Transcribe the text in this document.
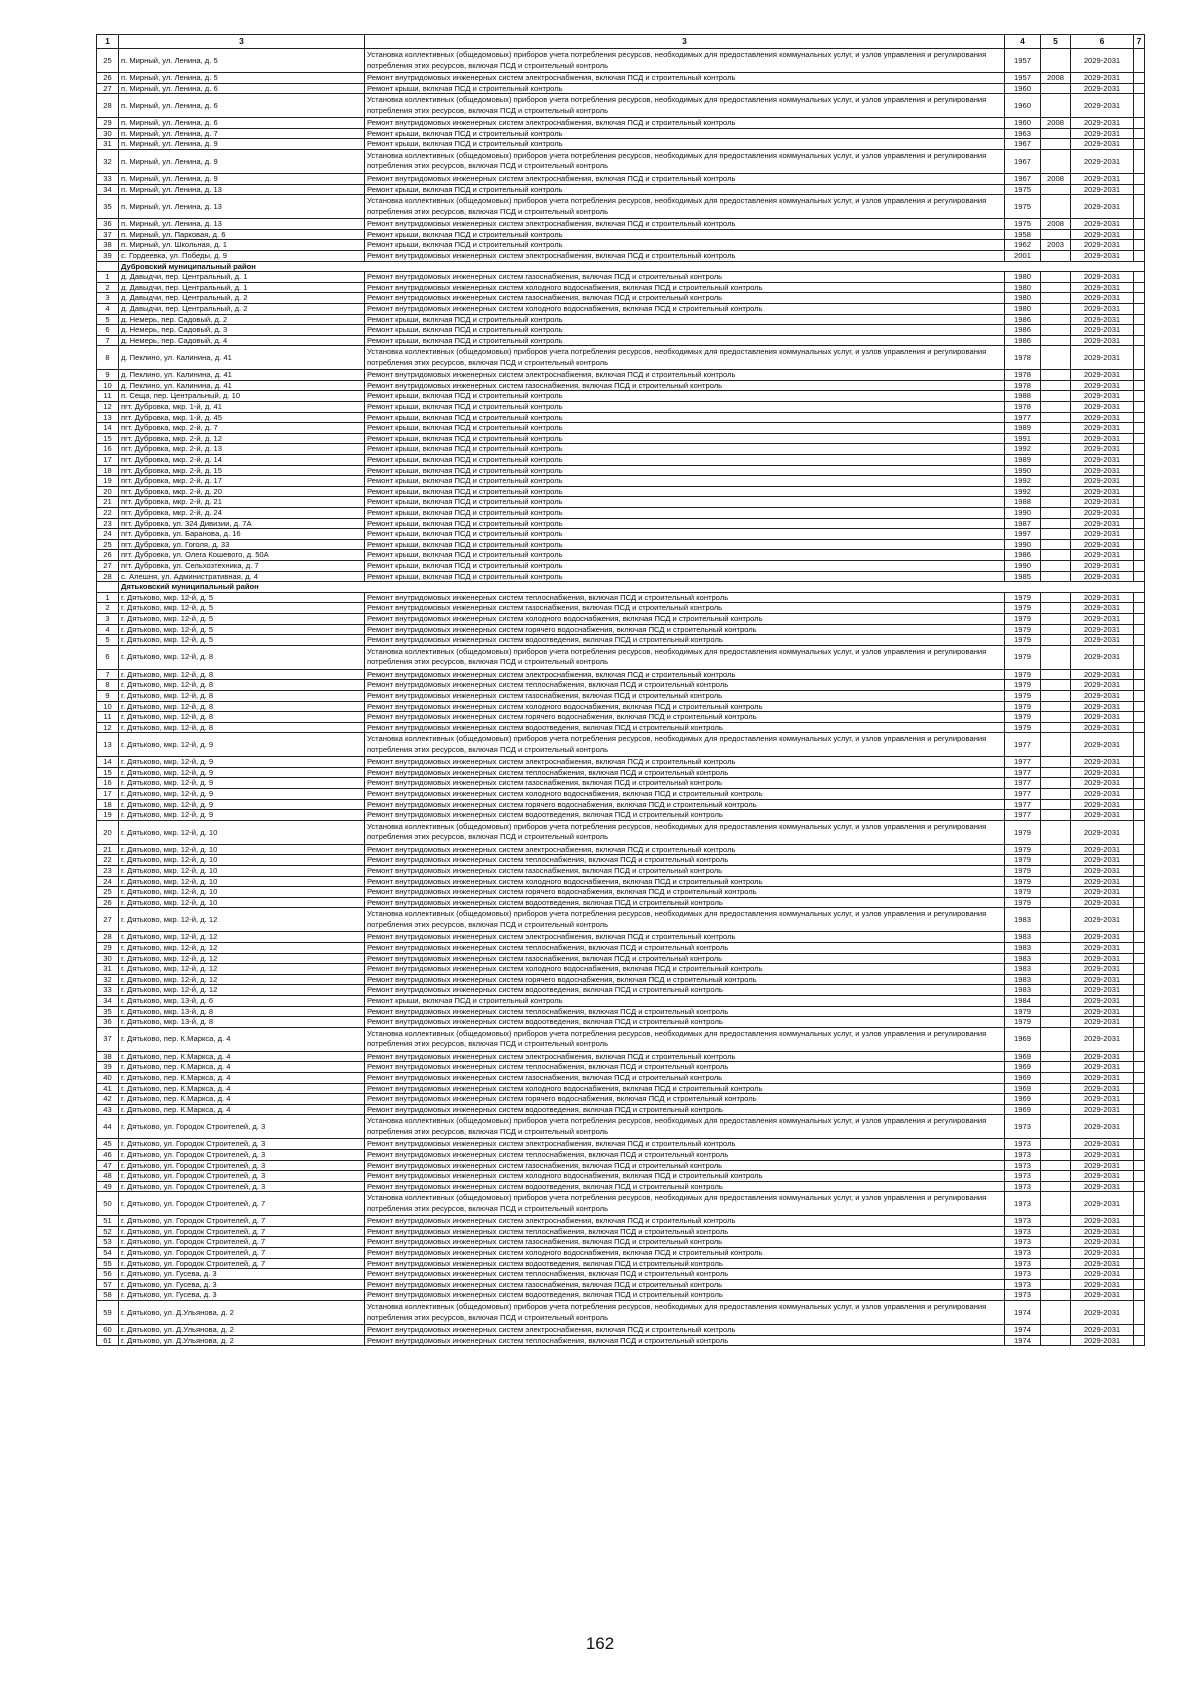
1	3	3	4	5	6	7
25	п. Мирный, ул. Ленина, д. 5	Установка коллективных (общедомовых) приборов учета потребления ресурсов, необходимых для предоставления коммунальных услуг, и узлов управления и регулирования потребления этих ресурсов, включая ПСД и строительный контроль	1957		2029-2031	
26	п. Мирный, ул. Ленина, д. 5	Ремонт внутридомовых инженерных систем электроснабжения, включая ПСД и строительный контроль	1957	2008	2029-2031	
27	п. Мирный, ул. Ленина, д. 6	Ремонт крыши, включая ПСД и строительный контроль	1960		2029-2031	
28	п. Мирный, ул. Ленина, д. 6	Установка коллективных (общедомовых) приборов учета потребления ресурсов, необходимых для предоставления коммунальных услуг, и узлов управления и регулирования потребления этих ресурсов, включая ПСД и строительный контроль	1960		2029-2031	
29	п. Мирный, ул. Ленина, д. 6	Ремонт внутридомовых инженерных систем электроснабжения, включая ПСД и строительный контроль	1960	2008	2029-2031	
30	п. Мирный, ул. Ленина, д. 7	Ремонт крыши, включая ПСД и строительный контроль	1963		2029-2031	
31	п. Мирный, ул. Ленина, д. 9	Ремонт крыши, включая ПСД и строительный контроль	1967		2029-2031	
32	п. Мирный, ул. Ленина, д. 9	Установка коллективных (общедомовых) приборов учета потребления ресурсов, необходимых для предоставления коммунальных услуг, и узлов управления и регулирования потребления этих ресурсов, включая ПСД и строительный контроль	1967		2029-2031	
33	п. Мирный, ул. Ленина, д. 9	Ремонт внутридомовых инженерных систем электроснабжения, включая ПСД и строительный контроль	1967	2008	2029-2031	
34	п. Мирный, ул. Ленина, д. 13	Ремонт крыши, включая ПСД и строительный контроль	1975		2029-2031	
35	п. Мирный, ул. Ленина, д. 13	Установка коллективных (общедомовых) приборов учета потребления ресурсов, необходимых для предоставления коммунальных услуг, и узлов управления и регулирования потребления этих ресурсов, включая ПСД и строительный контроль	1975		2029-2031	
36	п. Мирный, ул. Ленина, д. 13	Ремонт внутридомовых инженерных систем электроснабжения, включая ПСД и строительный контроль	1975	2008	2029-2031	
37	п. Мирный, ул. Парковая, д. 6	Ремонт крыши, включая ПСД и строительный контроль	1958		2029-2031	
38	п. Мирный, ул. Школьная, д. 1	Ремонт крыши, включая ПСД и строительный контроль	1962	2003	2029-2031	
39	с. Гордеевка, ул. Победы, д. 9	Ремонт внутридомовых инженерных систем электроснабжения, включая ПСД и строительный контроль	2001		2029-2031	
	Дубровский муниципальный район					
1	д. Давыдчи, пер. Центральный, д. 1	Ремонт внутридомовых инженерных систем газоснабжения, включая ПСД и строительный контроль	1980		2029-2031	
2	д. Давыдчи, пер. Центральный, д. 1	Ремонт внутридомовых инженерных систем холодного водоснабжения, включая ПСД и строительный контроль	1980		2029-2031	
3	д. Давыдчи, пер. Центральный, д. 2	Ремонт внутридомовых инженерных систем газоснабжения, включая ПСД и строительный контроль	1980		2029-2031	
4	д. Давыдчи, пер. Центральный, д. 2	Ремонт внутридомовых инженерных систем холодного водоснабжения, включая ПСД и строительный контроль	1980		2029-2031	
5	д. Немерь, пер. Садовый, д. 2	Ремонт крыши, включая ПСД и строительный контроль	1986		2029-2031	
6	д. Немерь, пер. Садовый, д. 3	Ремонт крыши, включая ПСД и строительный контроль	1986		2029-2031	
7	д. Немерь, пер. Садовый, д. 4	Ремонт крыши, включая ПСД и строительный контроль	1986		2029-2031	
8	д. Пеклино, ул. Калинина, д. 41	Установка коллективных (общедомовых) приборов учета потребления ресурсов, необходимых для предоставления коммунальных услуг, и узлов управления и регулирования потребления этих ресурсов, включая ПСД и строительный контроль	1978		2029-2031	
9	д. Пеклино, ул. Калинина, д. 41	Ремонт внутридомовых инженерных систем электроснабжения, включая ПСД и строительный контроль	1978		2029-2031	
10	д. Пеклино, ул. Калинина, д. 41	Ремонт внутридомовых инженерных систем газоснабжения, включая ПСД и строительный контроль	1978		2029-2031	
11	п. Сеща, пер. Центральный, д. 10	Ремонт крыши, включая ПСД и строительный контроль	1988		2029-2031	
12	пгт. Дубровка, мкр. 1-й, д. 41	Ремонт крыши, включая ПСД и строительный контроль	1978		2029-2031	
13	пгт. Дубровка, мкр. 1-й, д. 45	Ремонт крыши, включая ПСД и строительный контроль	1977		2029-2031	
14	пгт. Дубровка, мкр. 2-й, д. 7	Ремонт крыши, включая ПСД и строительный контроль	1989		2029-2031	
15	пгт. Дубровка, мкр. 2-й, д. 12	Ремонт крыши, включая ПСД и строительный контроль	1991		2029-2031	
16	пгт. Дубровка, мкр. 2-й, д. 13	Ремонт крыши, включая ПСД и строительный контроль	1992		2029-2031	
17	пгт. Дубровка, мкр. 2-й, д. 14	Ремонт крыши, включая ПСД и строительный контроль	1989		2029-2031	
18	пгт. Дубровка, мкр. 2-й, д. 15	Ремонт крыши, включая ПСД и строительный контроль	1990		2029-2031	
19	пгт. Дубровка, мкр. 2-й, д. 17	Ремонт крыши, включая ПСД и строительный контроль	1992		2029-2031	
20	пгт. Дубровка, мкр. 2-й, д. 20	Ремонт крыши, включая ПСД и строительный контроль	1992		2029-2031	
21	пгт. Дубровка, мкр. 2-й, д. 21	Ремонт крыши, включая ПСД и строительный контроль	1988		2029-2031	
22	пгт. Дубровка, мкр. 2-й, д. 24	Ремонт крыши, включая ПСД и строительный контроль	1990		2029-2031	
23	пгт. Дубровка, ул. 324 Дивизии, д. 7А	Ремонт крыши, включая ПСД и строительный контроль	1987		2029-2031	
24	пгт. Дубровка, ул. Барановa, д. 16	Ремонт крыши, включая ПСД и строительный контроль	1997		2029-2031	
25	пгт. Дубровка, ул. Гоголя, д. 33	Ремонт крыши, включая ПСД и строительный контроль	1990		2029-2031	
26	пгт. Дубровка, ул. Олега Кошевого, д. 50А	Ремонт крыши, включая ПСД и строительный контроль	1986		2029-2031	
27	пгт. Дубровка, ул. Сельхозтехника, д. 7	Ремонт крыши, включая ПСД и строительный контроль	1990		2029-2031	
28	с. Алешня, ул. Административная, д. 4	Ремонт крыши, включая ПСД и строительный контроль	1985		2029-2031	
	Дятьковский муниципальный район					
1	г. Дятьково, мкр. 12-й, д. 5	Ремонт внутридомовых инженерных систем теплоснабжения, включая ПСД и строительный контроль	1979		2029-2031	
2	г. Дятьково, мкр. 12-й, д. 5	Ремонт внутридомовых инженерных систем газоснабжения, включая ПСД и строительный контроль	1979		2029-2031	
3	г. Дятьково, мкр. 12-й, д. 5	Ремонт внутридомовых инженерных систем холодного водоснабжения, включая ПСД и строительный контроль	1979		2029-2031	
4	г. Дятьково, мкр. 12-й, д. 5	Ремонт внутридомовых инженерных систем горячего водоснабжения, включая ПСД и строительный контроль	1979		2029-2031	
5	г. Дятьково, мкр. 12-й, д. 5	Ремонт внутридомовых инженерных систем водоотведения, включая ПСД и строительный контроль	1979		2029-2031	
6	г. Дятьково, мкр. 12-й, д. 8	Установка коллективных (общедомовых) приборов учета потребления ресурсов, необходимых для предоставления коммунальных услуг, и узлов управления и регулирования потребления этих ресурсов, включая ПСД и строительный контроль	1979		2029-2031	
7	г. Дятьково, мкр. 12-й, д. 8	Ремонт внутридомовых инженерных систем электроснабжения, включая ПСД и строительный контроль	1979		2029-2031	
8	г. Дятьково, мкр. 12-й, д. 8	Ремонт внутридомовых инженерных систем теплоснабжения, включая ПСД и строительный контроль	1979		2029-2031	
9	г. Дятьково, мкр. 12-й, д. 8	Ремонт внутридомовых инженерных систем газоснабжения, включая ПСД и строительный контроль	1979		2029-2031	
10	г. Дятьково, мкр. 12-й, д. 8	Ремонт внутридомовых инженерных систем холодного водоснабжения, включая ПСД и строительный контроль	1979		2029-2031	
11	г. Дятьково, мкр. 12-й, д. 8	Ремонт внутридомовых инженерных систем горячего водоснабжения, включая ПСД и строительный контроль	1979		2029-2031	
12	г. Дятьково, мкр. 12-й, д. 8	Ремонт внутридомовых инженерных систем водоотведения, включая ПСД и строительный контроль	1979		2029-2031	
13	г. Дятьково, мкр. 12-й, д. 9	Установка коллективных (общедомовых) приборов учета потребления ресурсов, необходимых для предоставления коммунальных услуг, и узлов управления и регулирования потребления этих ресурсов, включая ПСД и строительный контроль	1977		2029-2031	
14	г. Дятьково, мкр. 12-й, д. 9	Ремонт внутридомовых инженерных систем электроснабжения, включая ПСД и строительный контроль	1977		2029-2031	
15	г. Дятьково, мкр. 12-й, д. 9	Ремонт внутридомовых инженерных систем теплоснабжения, включая ПСД и строительный контроль	1977		2029-2031	
16	г. Дятьково, мкр. 12-й, д. 9	Ремонт внутридомовых инженерных систем газоснабжения, включая ПСД и строительный контроль	1977		2029-2031	
17	г. Дятьково, мкр. 12-й, д. 9	Ремонт внутридомовых инженерных систем холодного водоснабжения, включая ПСД и строительный контроль	1977		2029-2031	
18	г. Дятьково, мкр. 12-й, д. 9	Ремонт внутридомовых инженерных систем горячего водоснабжения, включая ПСД и строительный контроль	1977		2029-2031	
19	г. Дятьково, мкр. 12-й, д. 9	Ремонт внутридомовых инженерных систем водоотведения, включая ПСД и строительный контроль	1977		2029-2031	
20	г. Дятьково, мкр. 12-й, д. 10	Установка коллективных (общедомовых) приборов учета потребления ресурсов, необходимых для предоставления коммунальных услуг, и узлов управления и регулирования потребления этих ресурсов, включая ПСД и строительный контроль	1979		2029-2031	
21	г. Дятьково, мкр. 12-й, д. 10	Ремонт внутридомовых инженерных систем электроснабжения, включая ПСД и строительный контроль	1979		2029-2031	
22	г. Дятьково, мкр. 12-й, д. 10	Ремонт внутридомовых инженерных систем теплоснабжения, включая ПСД и строительный контроль	1979		2029-2031	
23	г. Дятьково, мкр. 12-й, д. 10	Ремонт внутридомовых инженерных систем газоснабжения, включая ПСД и строительный контроль	1979		2029-2031	
24	г. Дятьково, мкр. 12-й, д. 10	Ремонт внутридомовых инженерных систем холодного водоснабжения, включая ПСД и строительный контроль	1979		2029-2031	
25	г. Дятьково, мкр. 12-й, д. 10	Ремонт внутридомовых инженерных систем горячего водоснабжения, включая ПСД и строительный контроль	1979		2029-2031	
26	г. Дятьково, мкр. 12-й, д. 10	Ремонт внутридомовых инженерных систем водоотведения, включая ПСД и строительный контроль	1979		2029-2031	
27	г. Дятьково, мкр. 12-й, д. 12	Установка коллективных (общедомовых) приборов учета потребления ресурсов, необходимых для предоставления коммунальных услуг, и узлов управления и регулирования потребления этих ресурсов, включая ПСД и строительный контроль	1983		2029-2031	
28	г. Дятьково, мкр. 12-й, д. 12	Ремонт внутридомовых инженерных систем электроснабжения, включая ПСД и строительный контроль	1983		2029-2031	
29	г. Дятьково, мкр. 12-й, д. 12	Ремонт внутридомовых инженерных систем теплоснабжения, включая ПСД и строительный контроль	1983		2029-2031	
30	г. Дятьково, мкр. 12-й, д. 12	Ремонт внутридомовых инженерных систем газоснабжения, включая ПСД и строительный контроль	1983		2029-2031	
31	г. Дятьково, мкр. 12-й, д. 12	Ремонт внутридомовых инженерных систем холодного водоснабжения, включая ПСД и строительный контроль	1983		2029-2031	
32	г. Дятьково, мкр. 12-й, д. 12	Ремонт внутридомовых инженерных систем горячего водоснабжения, включая ПСД и строительный контроль	1983		2029-2031	
33	г. Дятьково, мкр. 12-й, д. 12	Ремонт внутридомовых инженерных систем водоотведения, включая ПСД и строительный контроль	1983		2029-2031	
34	г. Дятьково, мкр. 13-й, д. 6	Ремонт крыши, включая ПСД и строительный контроль	1984		2029-2031	
35	г. Дятьково, мкр. 13-й, д. 8	Ремонт внутридомовых инженерных систем теплоснабжения, включая ПСД и строительный контроль	1979		2029-2031	
36	г. Дятьково, мкр. 13-й, д. 8	Ремонт внутридомовых инженерных систем водоотведения, включая ПСД и строительный контроль	1979		2029-2031	
37	г. Дятьково, пер. К.Маркса, д. 4	Установка коллективных (общедомовых) приборов учета потребления ресурсов, необходимых для предоставления коммунальных услуг, и узлов управления и регулирования потребления этих ресурсов, включая ПСД и строительный контроль	1969		2029-2031	
38	г. Дятьково, пер. К.Маркса, д. 4	Ремонт внутридомовых инженерных систем электроснабжения, включая ПСД и строительный контроль	1969		2029-2031	
39	г. Дятьково, пер. К.Маркса, д. 4	Ремонт внутридомовых инженерных систем теплоснабжения, включая ПСД и строительный контроль	1969		2029-2031	
40	г. Дятьково, пер. К.Маркса, д. 4	Ремонт внутридомовых инженерных систем газоснабжения, включая ПСД и строительный контроль	1969		2029-2031	
41	г. Дятьково, пер. К.Маркса, д. 4	Ремонт внутридомовых инженерных систем холодного водоснабжения, включая ПСД и строительный контроль	1969		2029-2031	
42	г. Дятьково, пер. К.Маркса, д. 4	Ремонт внутридомовых инженерных систем горячего водоснабжения, включая ПСД и строительный контроль	1969		2029-2031	
43	г. Дятьково, пер. К.Маркса, д. 4	Ремонт внутридомовых инженерных систем водоотведения, включая ПСД и строительный контроль	1969		2029-2031	
44	г. Дятьково, ул. Городок Строителей, д. 3	Установка коллективных (общедомовых) приборов учета потребления ресурсов, необходимых для предоставления коммунальных услуг, и узлов управления и регулирования потребления этих ресурсов, включая ПСД и строительный контроль	1973		2029-2031	
45	г. Дятьково, ул. Городок Строителей, д. 3	Ремонт внутридомовых инженерных систем электроснабжения, включая ПСД и строительный контроль	1973		2029-2031	
46	г. Дятьково, ул. Городок Строителей, д. 3	Ремонт внутридомовых инженерных систем теплоснабжения, включая ПСД и строительный контроль	1973		2029-2031	
47	г. Дятьково, ул. Городок Строителей, д. 3	Ремонт внутридомовых инженерных систем газоснабжения, включая ПСД и строительный контроль	1973		2029-2031	
48	г. Дятьково, ул. Городок Строителей, д. 3	Ремонт внутридомовых инженерных систем холодного водоснабжения, включая ПСД и строительный контроль	1973		2029-2031	
49	г. Дятьково, ул. Городок Строителей, д. 3	Ремонт внутридомовых инженерных систем водоотведения, включая ПСД и строительный контроль	1973		2029-2031	
50	г. Дятьково, ул. Городок Строителей, д. 7	Установка коллективных (общедомовых) приборов учета потребления ресурсов, необходимых для предоставления коммунальных услуг, и узлов управления и регулирования потребления этих ресурсов, включая ПСД и строительный контроль	1973		2029-2031	
51	г. Дятьково, ул. Городок Строителей, д. 7	Ремонт внутридомовых инженерных систем электроснабжения, включая ПСД и строительный контроль	1973		2029-2031	
52	г. Дятьково, ул. Городок Строителей, д. 7	Ремонт внутридомовых инженерных систем теплоснабжения, включая ПСД и строительный контроль	1973		2029-2031	
53	г. Дятьково, ул. Городок Строителей, д. 7	Ремонт внутридомовых инженерных систем газоснабжения, включая ПСД и строительный контроль	1973		2029-2031	
54	г. Дятьково, ул. Городок Строителей, д. 7	Ремонт внутридомовых инженерных систем холодного водоснабжения, включая ПСД и строительный контроль	1973		2029-2031	
55	г. Дятьково, ул. Городок Строителей, д. 7	Ремонт внутридомовых инженерных систем водоотведения, включая ПСД и строительный контроль	1973		2029-2031	
56	г. Дятьково, ул. Гусева, д. 3	Ремонт внутридомовых инженерных систем теплоснабжения, включая ПСД и строительный контроль	1973		2029-2031	
57	г. Дятьково, ул. Гусева, д. 3	Ремонт внутридомовых инженерных систем газоснабжения, включая ПСД и строительный контроль	1973		2029-2031	
58	г. Дятьково, ул. Гусева, д. 3	Ремонт внутридомовых инженерных систем водоотведения, включая ПСД и строительный контроль	1973		2029-2031	
59	г. Дятьково, ул. Д.Ульянова, д. 2	Установка коллективных (общедомовых) приборов учета потребления ресурсов, необходимых для предоставления коммунальных услуг, и узлов управления и регулирования потребления этих ресурсов, включая ПСД и строительный контроль	1974		2029-2031	
60	г. Дятьково, ул. Д.Ульянова, д. 2	Ремонт внутридомовых инженерных систем электроснабжения, включая ПСД и строительный контроль	1974		2029-2031	
61	г. Дятьково, ул. Д.Ульянова, д. 2	Ремонт внутридомовых инженерных систем теплоснабжения, включая ПСД и строительный контроль	1974		2029-2031	
162
